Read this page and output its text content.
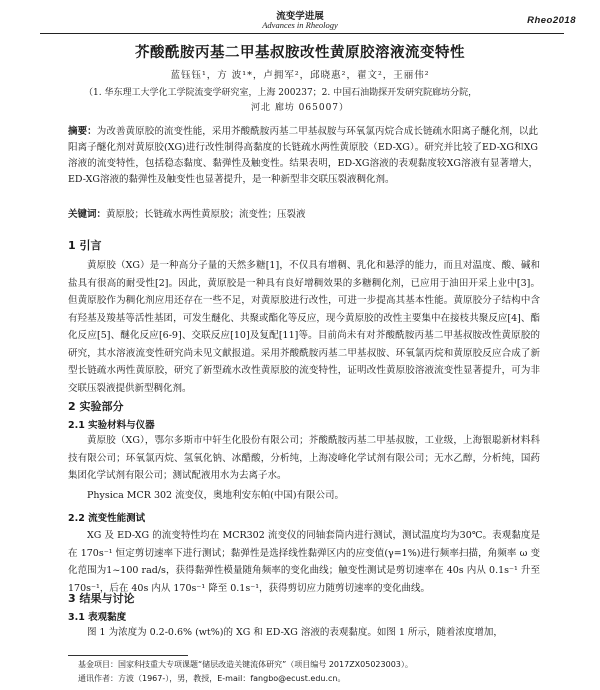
流变学进展
Advances in Rheology	Rheo2018
芥酸酰胺丙基二甲基叔胺改性黄原胶溶液流变特性
蓝钰钰¹，方 波¹*，卢拥军²，邱晓惠²，翟文²，王丽伟²
（1. 华东理工大学化工学院流变学研究室，上海 200237；2. 中国石油勘探开发研究院廊坊分院，
河北 廊坊 065007）
摘要：为改善黄原胶的流变性能，采用芥酸酰胺丙基二甲基叔胺与环氧氯丙烷合成长链疏水阳离子醚化剂，以此阳离子醚化剂对黄原胶(XG)进行改性制得高黏度的长链疏水两性黄原胶（ED-XG）。研究并比较了ED-XG和XG溶液的流变特性，包括稳态黏度、黏弹性及触变性。结果表明，ED-XG溶液的表观黏度较XG溶液有显著增大，ED-XG溶液的黏弹性及触变性也显著提升，是一种新型非交联压裂液稠化剂。
关键词：黄原胶；长链疏水两性黄原胶；流变性；压裂液
1 引言
黄原胶（XG）是一种高分子量的天然多糖[1]，不仅具有增稠、乳化和悬浮的能力，而且对温度、酸、碱和盐具有很高的耐受性[2]。因此，黄原胶是一种具有良好增稠效果的多糖稠化剂，已应用于油田开采上业中[3]。但黄原胶作为稠化剂应用还存在一些不足，对黄原胶进行改性，可进一步提高其基本性能。黄原胶分子结构中含有羟基及羧基等活性基团，可发生醚化、共聚或酯化等反应，现今黄原胶的改性主要集中在接枝共聚反应[4]、酯化反应[5]、醚化反应[6-9]、交联反应[10]及复配[11]等。目前尚未有对芥酸酰胺丙基二甲基叔胺改性黄原胶的研究，其水溶液流变性研究尚未见文献报道。采用芥酸酰胺丙基二甲基叔胺、环氧氯丙烷和黄原胶反应合成了新型长链疏水两性黄原胶，研究了新型疏水改性黄原胶的流变特性，证明改性黄原胶溶液流变性显著提升，可为非交联压裂液提供新型稠化剂。
2 实验部分
2.1 实验材料与仪器
黄原胶（XG），鄂尔多斯市中轩生化股份有限公司；芥酸酰胺丙基二甲基叔胺，工业级，上海银聪新材料科技有限公司；环氧氯丙烷、氢氧化钠、冰醋酸，分析纯，上海凌峰化学试剂有限公司；无水乙醇，分析纯，国药集团化学试剂有限公司；测试配液用水为去离子水。
Physica MCR 302 流变仪，奥地利安东帕(中国)有限公司。
2.2 流变性能测试
XG 及 ED-XG 的流变特性均在 MCR302 流变仪的同轴套筒内进行测试，测试温度均为30℃。表观黏度是在 170s⁻¹ 恒定剪切速率下进行测试；黏弹性是选择线性黏弹区内的应变值(γ=1%)进行频率扫描，角频率 ω 变化范围为1~100 rad/s，获得黏弹性模量随角频率的变化曲线；触变性测试是剪切速率在 40s 内从 0.1s⁻¹ 升至 170s⁻¹，后在 40s 内从 170s⁻¹ 降至 0.1s⁻¹，获得剪切应力随剪切速率的变化曲线。
3 结果与讨论
3.1 表观黏度
图 1 为浓度为 0.2-0.6% (wt%)的 XG 和 ED-XG 溶液的表观黏度。如图 1 所示，随着浓度增加，
基金项目：国家科技重大专项课题“储层改造关键流体研究”（项目编号 2017ZX05023003）。
通讯作者：方波（1967-），男，教授，E-mail：fangbo@ecust.edu.cn。
